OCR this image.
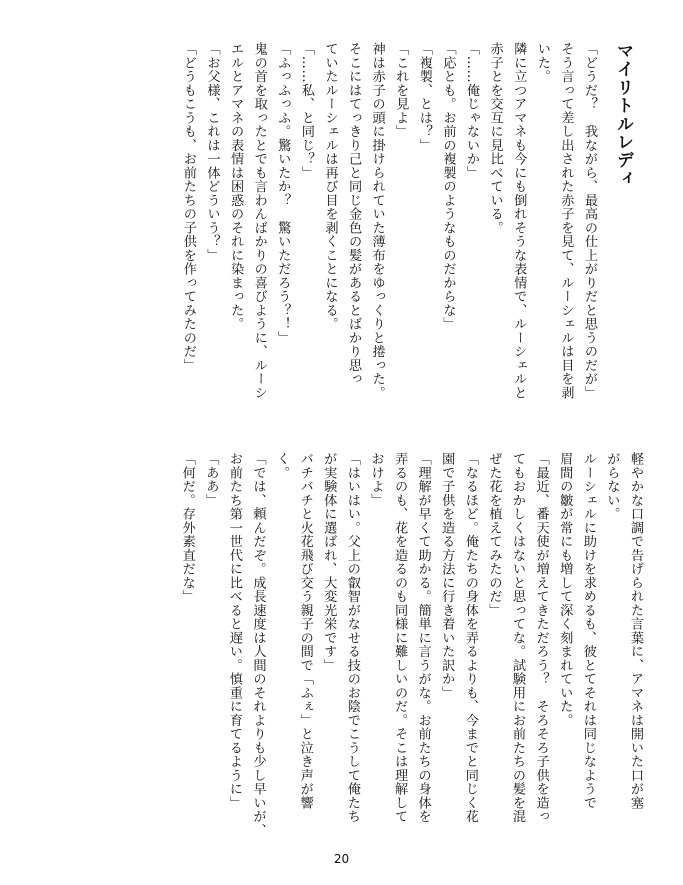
マイリトルレディ

「どうだ？　我ながら、最高の仕上がりだと思うのだが」

そう言って差し出された赤子を見て、ルーシェルは目を剥

いた。

隣に立つアマネも今にも倒れそうな表情で、ルーシェルと

赤子とを交互に見比べている。

「……俺じゃないか」

「応とも。お前の複製のようなものだからな」

「複製、とは？」

「これを見よ」

神は赤子の頭に掛けられていた薄布をゆっくりと捲った。

そこにはてっきり己と同じ金色の髪があるとばかり思っ

ていたルーシェルは再び目を剥くことになる。

「……私、と同じ？」

「ふっふっふ。驚いたか？　驚いただろう？！」

鬼の首を取ったとでも言わんばかりの喜びように、ルーシ

エルとアマネの表情は困惑のそれに染まった。

「お父様、これは一体どういう？」

「どうもこうも、お前たちの子供を作ってみたのだ」

軽やかな口調で告げられた言葉に、アマネは開いた口が塞

がらない。

ルーシェルに助けを求めるも、彼とてそれは同じなようで

眉間の皺が常にも増して深く刻まれていた。

「最近、番天使が増えてきただろう？　そろそろ子供を造っ

てもおかしくはないと思ってな。試験用にお前たちの髪を混

ぜた花を植えてみたのだ」

「なるほど。俺たちの身体を弄るよりも、今までと同じく花

園で子供を造る方法に行き着いた訳か」

「理解が早くて助かる。簡単に言うがな。お前たちの身体を

弄るのも、花を造るのも同様に難しいのだ。そこは理解して

おけよ」

「はいはい。父上の叡智がなせる技のお陰でこうして俺たち

が実験体に選ばれ、大変光栄です」

バチバチと火花飛び交う親子の間で「ふぇ」と泣き声が響

く。

「では、頼んだぞ。成長速度は人間のそれよりも少し早いが、

お前たち第一世代に比べると遅い。慎重に育てるように」

「ああ」

「何だ。存外素直だな」

20
